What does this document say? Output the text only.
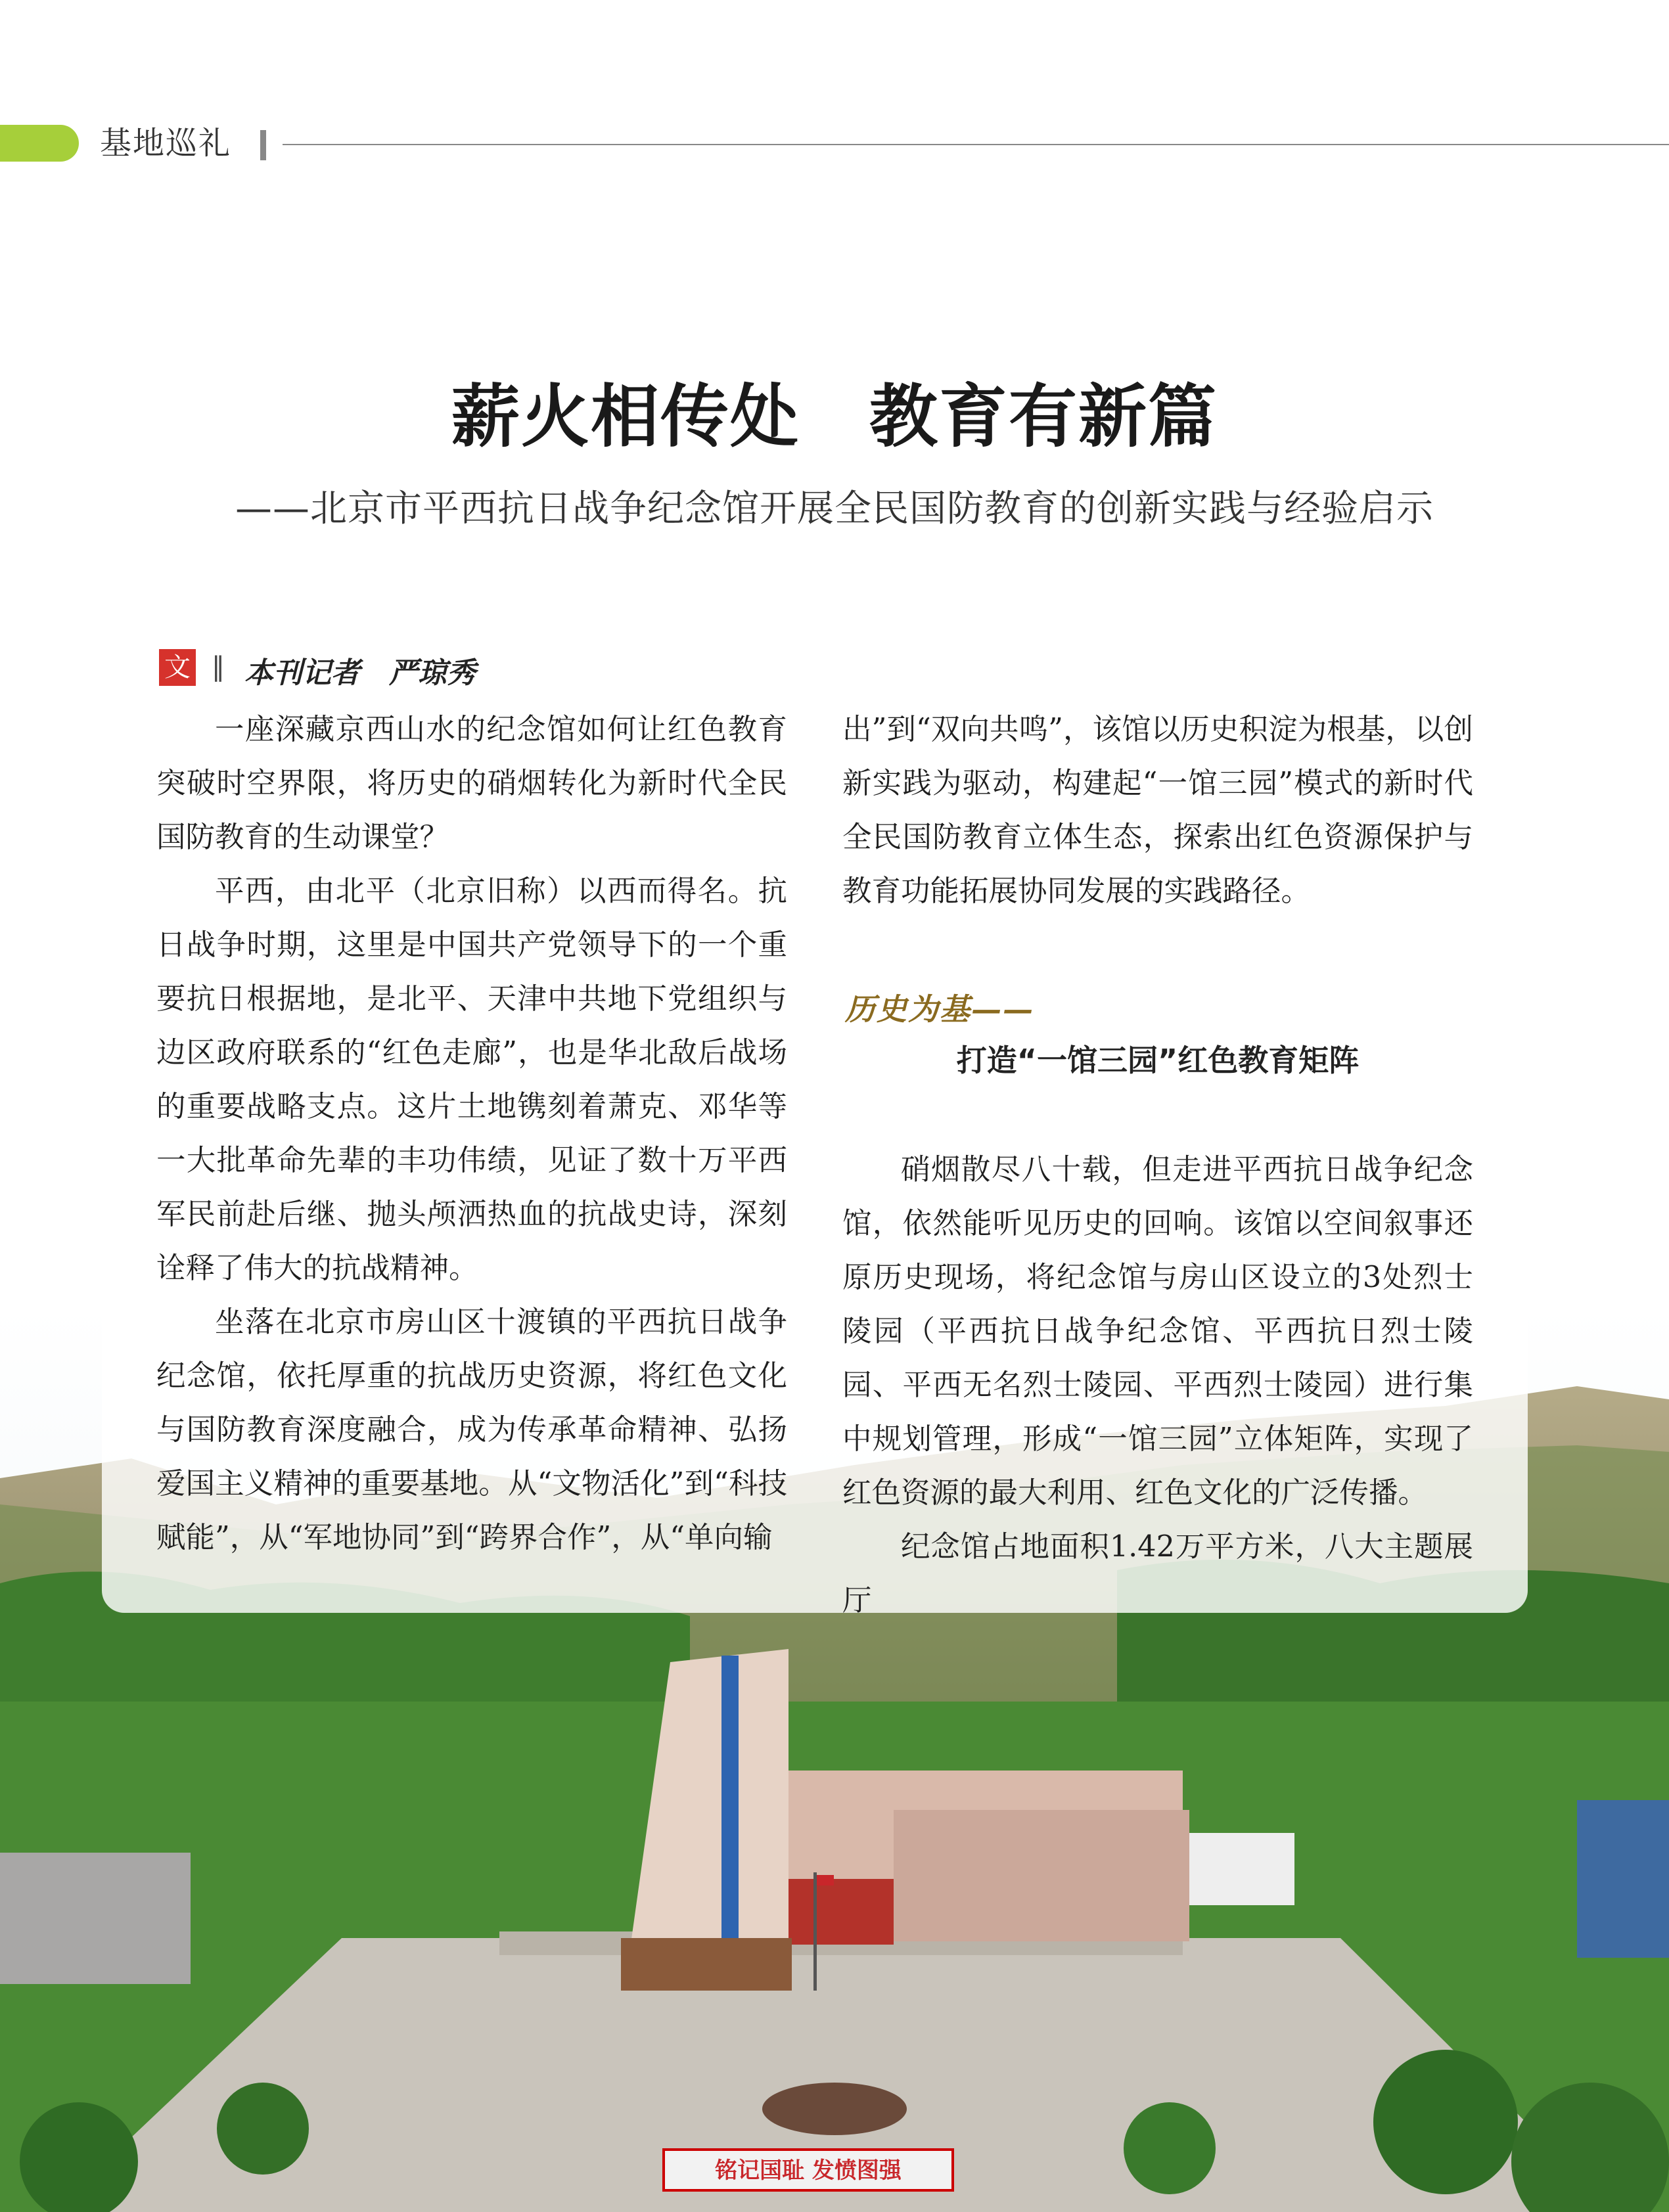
基地巡礼
薪火相传处　教育有新篇
——北京市平西抗日战争纪念馆开展全民国防教育的创新实践与经验启示
铭记国耻 发愤图强
文 ‖ 本刊记者　严琼秀

一座深藏京西山水的纪念馆如何让红色教育突破时空界限，将历史的硝烟转化为新时代全民国防教育的生动课堂？

平西，由北平（北京旧称）以西而得名。抗日战争时期，这里是中国共产党领导下的一个重要抗日根据地，是北平、天津中共地下党组织与边区政府联系的“红色走廊”，也是华北敌后战场的重要战略支点。这片土地镌刻着萧克、邓华等一大批革命先辈的丰功伟绩，见证了数十万平西军民前赴后继、抛头颅洒热血的抗战史诗，深刻诠释了伟大的抗战精神。

坐落在北京市房山区十渡镇的平西抗日战争纪念馆，依托厚重的抗战历史资源，将红色文化与国防教育深度融合，成为传承革命精神、弘扬爱国主义精神的重要基地。从“文物活化”到“科技赋能”，从“军地协同”到“跨界合作”，从“单向输

出”到“双向共鸣”，该馆以历史积淀为根基，以创新实践为驱动，构建起“一馆三园”模式的新时代全民国防教育立体生态，探索出红色资源保护与教育功能拓展协同发展的实践路径。

历史为基——
打造“一馆三园”红色教育矩阵

硝烟散尽八十载，但走进平西抗日战争纪念馆，依然能听见历史的回响。该馆以空间叙事还原历史现场，将纪念馆与房山区设立的3处烈士陵园（平西抗日战争纪念馆、平西抗日烈士陵园、平西无名烈士陵园、平西烈士陵园）进行集中规划管理，形成“一馆三园”立体矩阵，实现了红色资源的最大利用、红色文化的广泛传播。

纪念馆占地面积1.42万平方米，八大主题展厅
